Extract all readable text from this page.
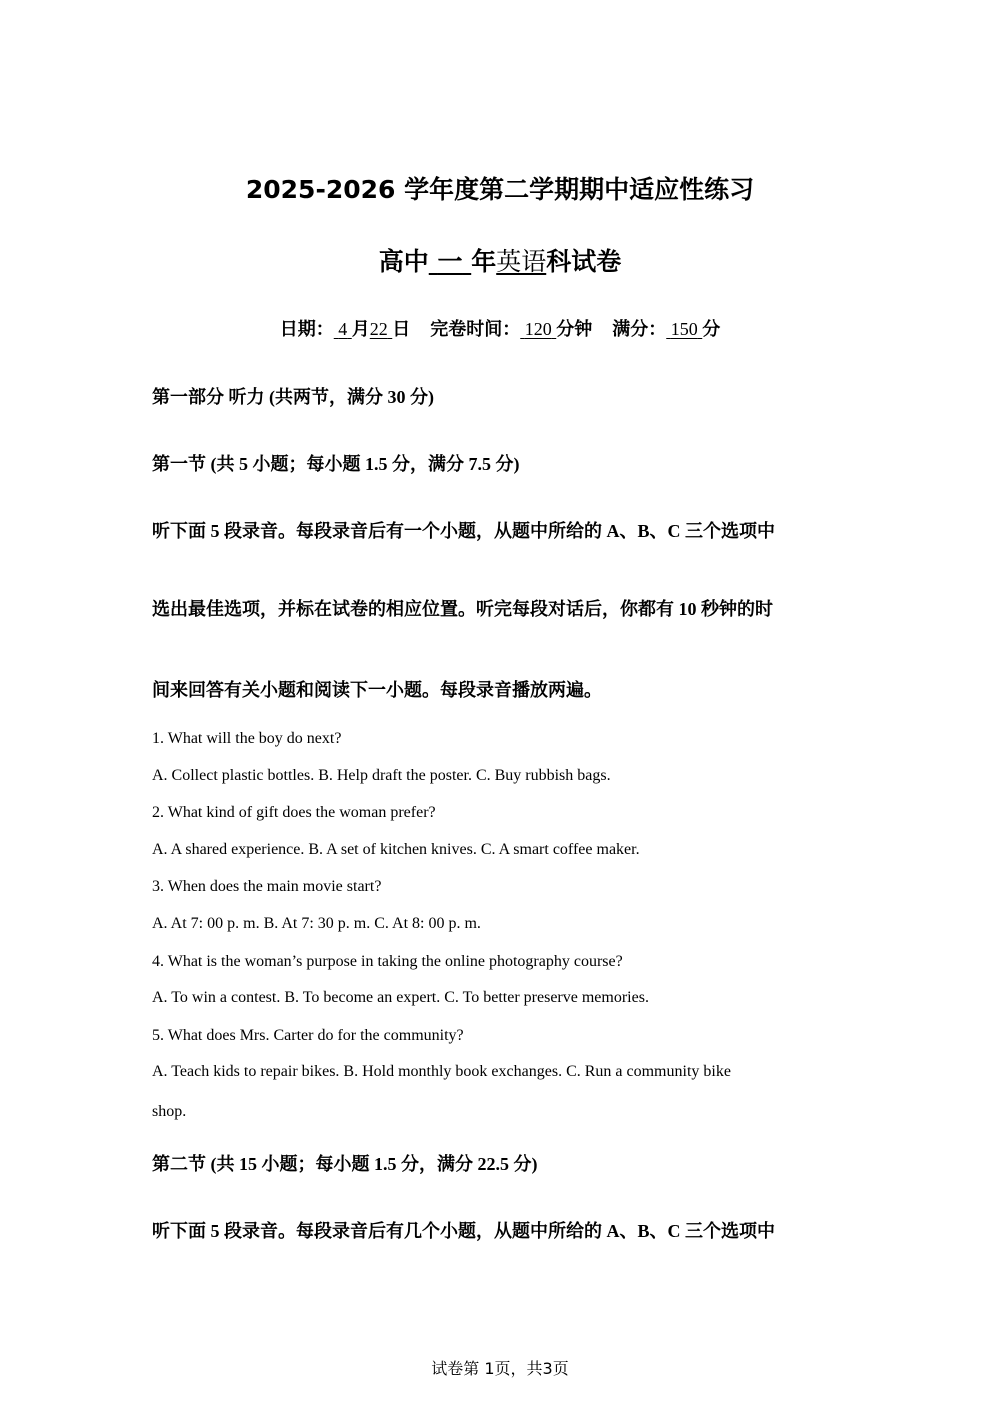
2025-2026 学年度第二学期期中适应性练习
高中 一 年英语科试卷
日期： 4 月22 日 完卷时间： 120 分钟 满分： 150 分
第一部分 听力 (共两节，满分 30 分)
第一节 (共 5 小题；每小题 1.5 分，满分 7.5 分)
听下面 5 段录音。每段录音后有一个小题，从题中所给的 A、B、C 三个选项中
选出最佳选项，并标在试卷的相应位置。听完每段对话后，你都有 10 秒钟的时
间来回答有关小题和阅读下一小题。每段录音播放两遍。
1. What will the boy do next?
A. Collect plastic bottles. B. Help draft the poster. C. Buy rubbish bags.
2. What kind of gift does the woman prefer?
A. A shared experience. B. A set of kitchen knives. C. A smart coffee maker.
3. When does the main movie start?
A. At 7: 00 p. m. B. At 7: 30 p. m. C. At 8: 00 p. m.
4. What is the woman’s purpose in taking the online photography course?
A. To win a contest. B. To become an expert. C. To better preserve memories.
5. What does Mrs. Carter do for the community?
A. Teach kids to repair bikes. B. Hold monthly book exchanges. C. Run a community bike
shop.
第二节 (共 15 小题；每小题 1.5 分，满分 22.5 分)
听下面 5 段录音。每段录音后有几个小题，从题中所给的 A、B、C 三个选项中
试卷第 1页，共3页
